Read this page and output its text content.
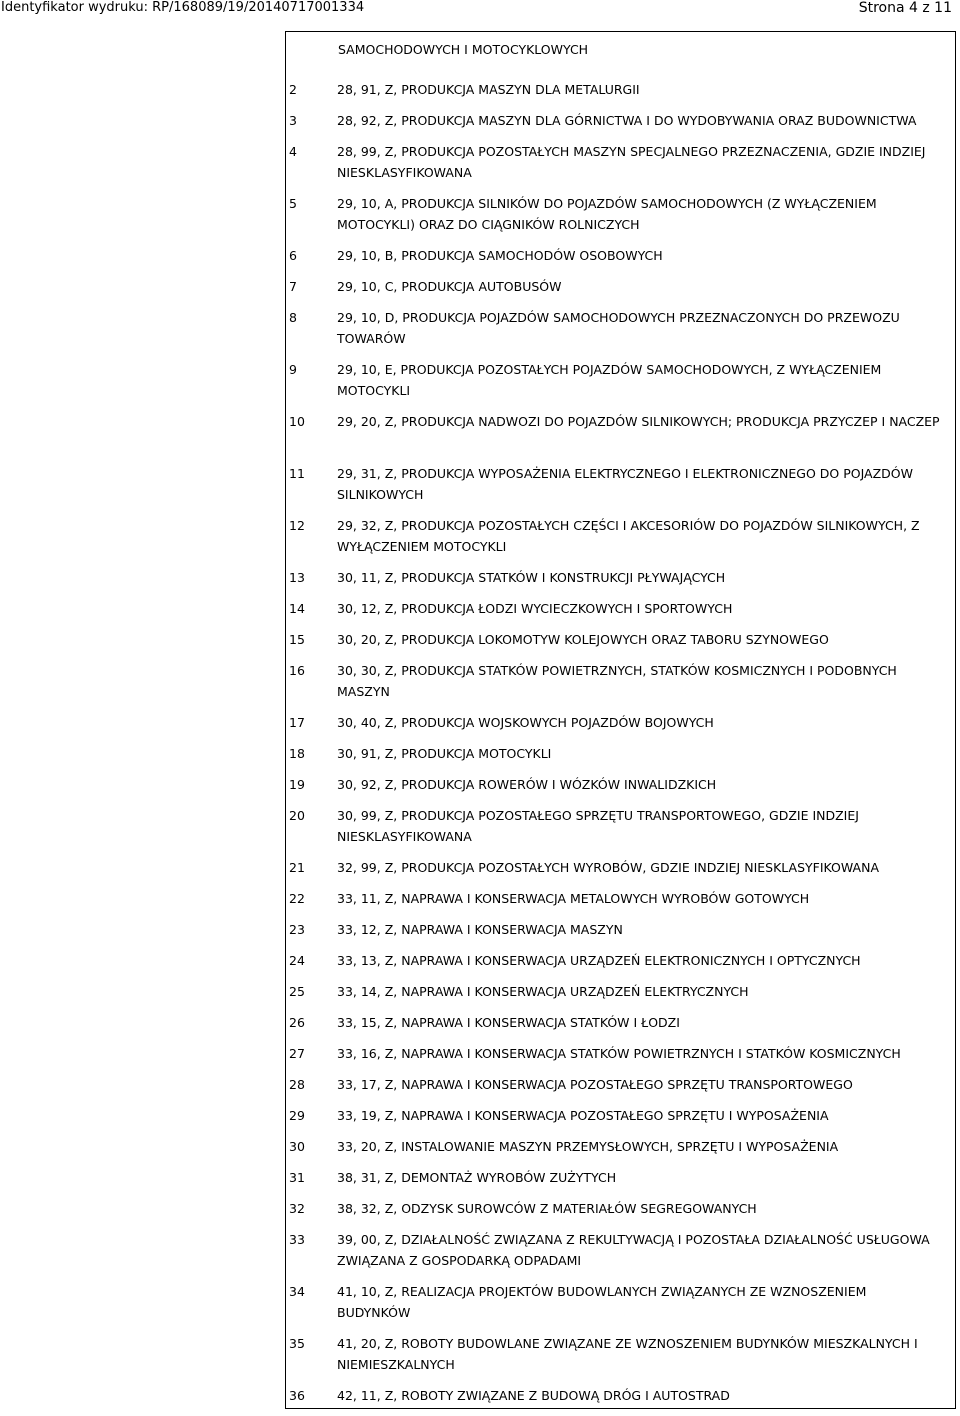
Identyfikator wydruku: RP/168089/19/20140717001334	Strona 4 z 11
SAMOCHODOWYCH I MOTOCYKLOWYCH
2	28, 91, Z, PRODUKCJA MASZYN DLA METALURGII
3	28, 92, Z, PRODUKCJA MASZYN DLA GÓRNICTWA I DO WYDOBYWANIA ORAZ BUDOWNICTWA
4	28, 99, Z, PRODUKCJA POZOSTAŁYCH MASZYN SPECJALNEGO PRZEZNACZENIA, GDZIE INDZIEJ NIESKLASYFIKOWANA
5	29, 10, A, PRODUKCJA SILNIKÓW DO POJAZDÓW SAMOCHODOWYCH (Z WYŁĄCZENIEM MOTOCYKLI) ORAZ DO CIĄGNIKÓW ROLNICZYCH
6	29, 10, B, PRODUKCJA SAMOCHODÓW OSOBOWYCH
7	29, 10, C, PRODUKCJA AUTOBUSÓW
8	29, 10, D, PRODUKCJA POJAZDÓW SAMOCHODOWYCH PRZEZNACZONYCH DO PRZEWOZU TOWARÓW
9	29, 10, E, PRODUKCJA POZOSTAŁYCH POJAZDÓW SAMOCHODOWYCH, Z WYŁĄCZENIEM MOTOCYKLI
10	29, 20, Z, PRODUKCJA NADWOZI DO POJAZDÓW SILNIKOWYCH; PRODUKCJA PRZYCZEP I NACZEP
11	29, 31, Z, PRODUKCJA WYPOSAŻENIA ELEKTRYCZNEGO I ELEKTRONICZNEGO DO POJAZDÓW SILNIKOWYCH
12	29, 32, Z, PRODUKCJA POZOSTAŁYCH CZĘŚCI I AKCESORIÓW DO POJAZDÓW SILNIKOWYCH, Z WYŁĄCZENIEM MOTOCYKLI
13	30, 11, Z, PRODUKCJA STATKÓW I KONSTRUKCJI PŁYWAJĄCYCH
14	30, 12, Z, PRODUKCJA ŁODZI WYCIECZKOWYCH I SPORTOWYCH
15	30, 20, Z, PRODUKCJA LOKOMOTYW KOLEJOWYCH ORAZ TABORU SZYNOWEGO
16	30, 30, Z, PRODUKCJA STATKÓW POWIETRZNYCH, STATKÓW KOSMICZNYCH I PODOBNYCH MASZYN
17	30, 40, Z, PRODUKCJA WOJSKOWYCH POJAZDÓW BOJOWYCH
18	30, 91, Z, PRODUKCJA MOTOCYKLI
19	30, 92, Z, PRODUKCJA ROWERÓW I WÓZKÓW INWALIDZKICH
20	30, 99, Z, PRODUKCJA POZOSTAŁEGO SPRZĘTU TRANSPORTOWEGO, GDZIE INDZIEJ NIESKLASYFIKOWANA
21	32, 99, Z, PRODUKCJA POZOSTAŁYCH WYROBÓW, GDZIE INDZIEJ NIESKLASYFIKOWANA
22	33, 11, Z, NAPRAWA I KONSERWACJA METALOWYCH WYROBÓW GOTOWYCH
23	33, 12, Z, NAPRAWA I KONSERWACJA MASZYN
24	33, 13, Z, NAPRAWA I KONSERWACJA URZĄDZEŃ ELEKTRONICZNYCH I OPTYCZNYCH
25	33, 14, Z, NAPRAWA I KONSERWACJA URZĄDZEŃ ELEKTRYCZNYCH
26	33, 15, Z, NAPRAWA I KONSERWACJA STATKÓW I ŁODZI
27	33, 16, Z, NAPRAWA I KONSERWACJA STATKÓW POWIETRZNYCH I STATKÓW KOSMICZNYCH
28	33, 17, Z, NAPRAWA I KONSERWACJA POZOSTAŁEGO SPRZĘTU TRANSPORTOWEGO
29	33, 19, Z, NAPRAWA I KONSERWACJA POZOSTAŁEGO SPRZĘTU I WYPOSAŻENIA
30	33, 20, Z, INSTALOWANIE MASZYN PRZEMYSŁOWYCH, SPRZĘTU I WYPOSAŻENIA
31	38, 31, Z, DEMONTAŻ WYROBÓW ZUŻYTYCH
32	38, 32, Z, ODZYSK SUROWCÓW Z MATERIAŁÓW SEGREGOWANYCH
33	39, 00, Z, DZIAŁALNOŚĆ ZWIĄZANA Z REKULTYWACJĄ I POZOSTAŁA DZIAŁALNOŚĆ USŁUGOWA ZWIĄZANA Z GOSPODARKĄ ODPADAMI
34	41, 10, Z, REALIZACJA PROJEKTÓW BUDOWLANYCH ZWIĄZANYCH ZE WZNOSZENIEM BUDYNKÓW
35	41, 20, Z, ROBOTY BUDOWLANE ZWIĄZANE ZE WZNOSZENIEM BUDYNKÓW MIESZKALNYCH I NIEMIESZKALNYCH
36	42, 11, Z, ROBOTY ZWIĄZANE Z BUDOWĄ DRÓG I AUTOSTRAD
